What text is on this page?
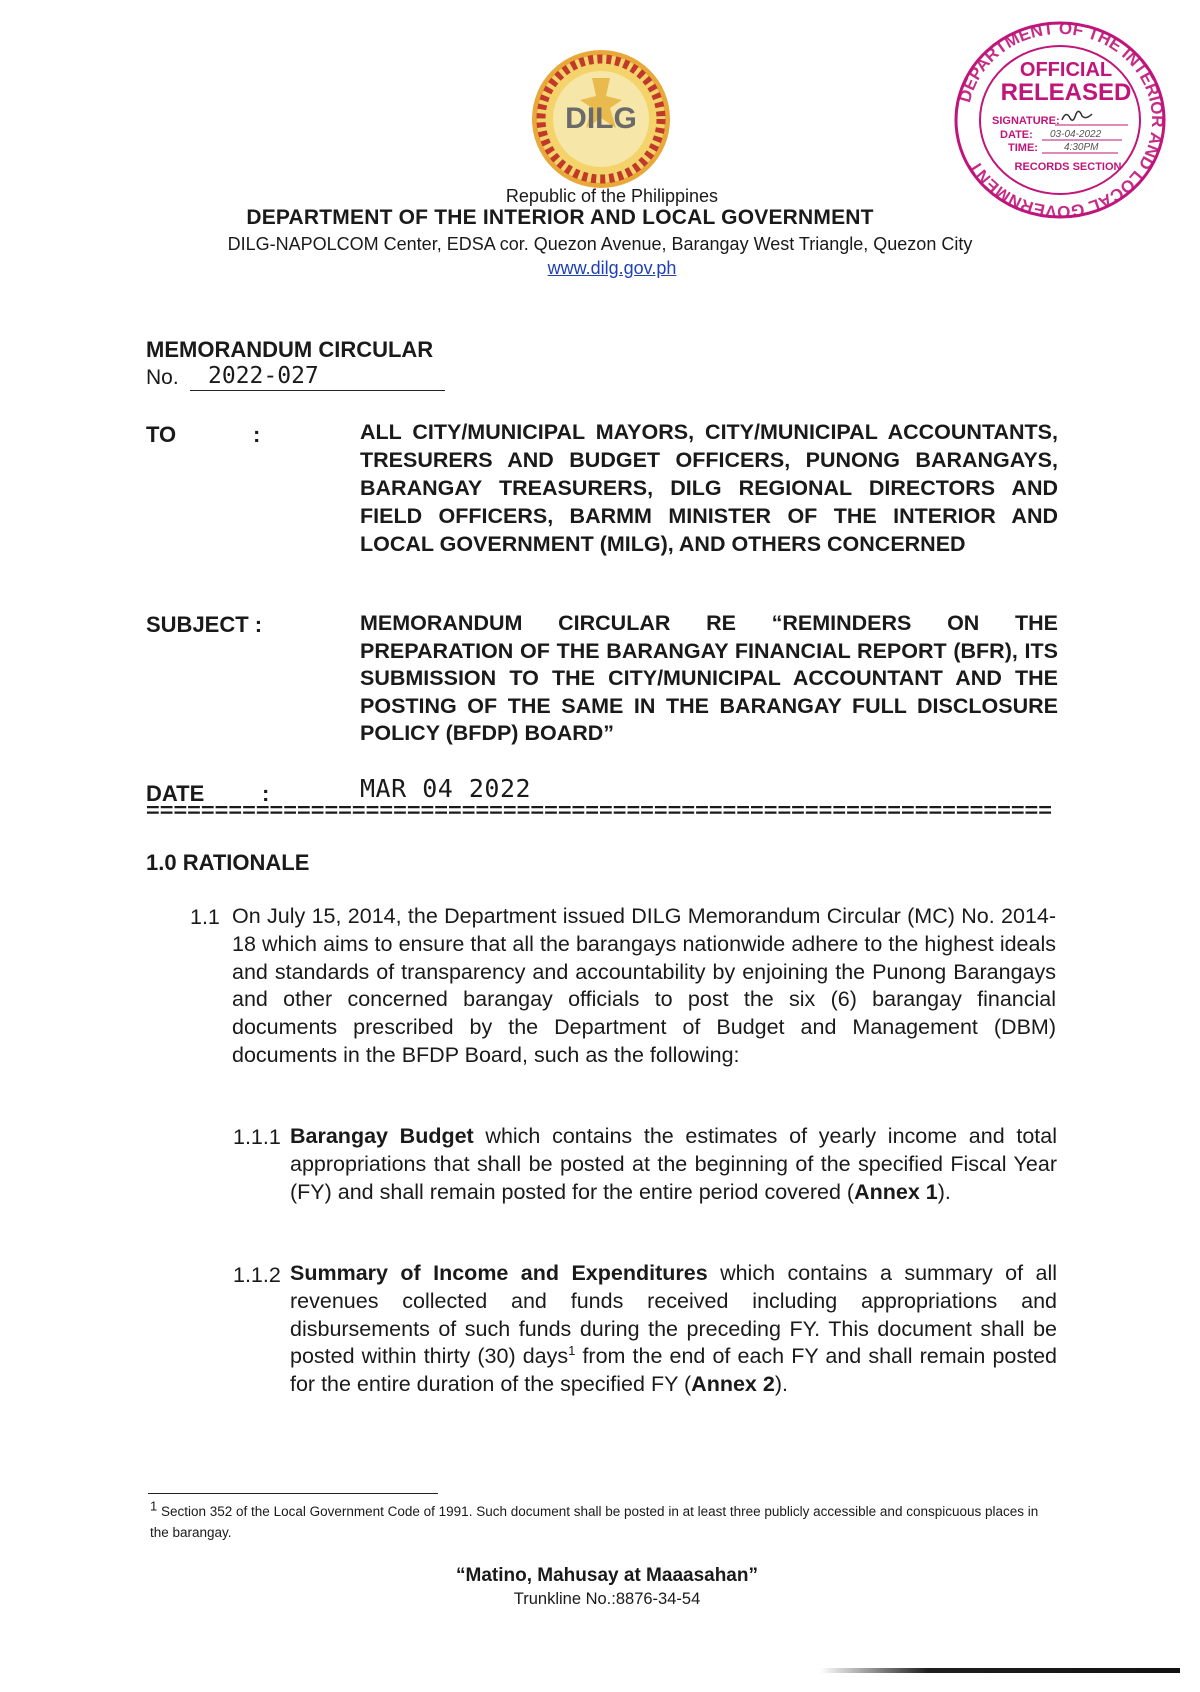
DILG
DEPARTMENT OF THE INTERIOR AND LOCAL GOVERNMENT
OFFICIAL
RELEASED
SIGNATURE:
DATE: 03-04-2022
TIME:	4:30PM
RECORDS SECTION
Republic of the Philippines
DEPARTMENT OF THE INTERIOR AND LOCAL GOVERNMENT
DILG-NAPOLCOM Center, EDSA cor. Quezon Avenue, Barangay West Triangle, Quezon City
www.dilg.gov.ph
MEMORANDUM CIRCULAR
No.	2022-027
TO	:	ALL CITY/MUNICIPAL MAYORS, CITY/MUNICIPAL ACCOUNTANTS, TRESURERS AND BUDGET OFFICERS, PUNONG BARANGAYS, BARANGAY TREASURERS, DILG REGIONAL DIRECTORS AND FIELD OFFICERS, BARMM MINISTER OF THE INTERIOR AND LOCAL GOVERNMENT (MILG), AND OTHERS CONCERNED
SUBJECT :	MEMORANDUM CIRCULAR RE “REMINDERS ON THE PREPARATION OF THE BARANGAY FINANCIAL REPORT (BFR), ITS SUBMISSION TO THE CITY/MUNICIPAL ACCOUNTANT AND THE POSTING OF THE SAME IN THE BARANGAY FULL DISCLOSURE POLICY (BFDP) BOARD”
DATE	:	MAR 04 2022
==================================================================
1.0 RATIONALE
1.1 On July 15, 2014, the Department issued DILG Memorandum Circular (MC) No. 2014-18 which aims to ensure that all the barangays nationwide adhere to the highest ideals and standards of transparency and accountability by enjoining the Punong Barangays and other concerned barangay officials to post the six (6) barangay financial documents prescribed by the Department of Budget and Management (DBM) documents in the BFDP Board, such as the following:
1.1.1 Barangay Budget which contains the estimates of yearly income and total appropriations that shall be posted at the beginning of the specified Fiscal Year (FY) and shall remain posted for the entire period covered (Annex 1).
1.1.2 Summary of Income and Expenditures which contains a summary of all revenues collected and funds received including appropriations and disbursements of such funds during the preceding FY. This document shall be posted within thirty (30) days$^1$ from the end of each FY and shall remain posted for the entire duration of the specified FY (Annex 2).
$^1$ Section 352 of the Local Government Code of 1991. Such document shall be posted in at least three publicly accessible and conspicuous places in the barangay.
“Matino, Mahusay at Maaasahan”
Trunkline No.:8876-34-54
